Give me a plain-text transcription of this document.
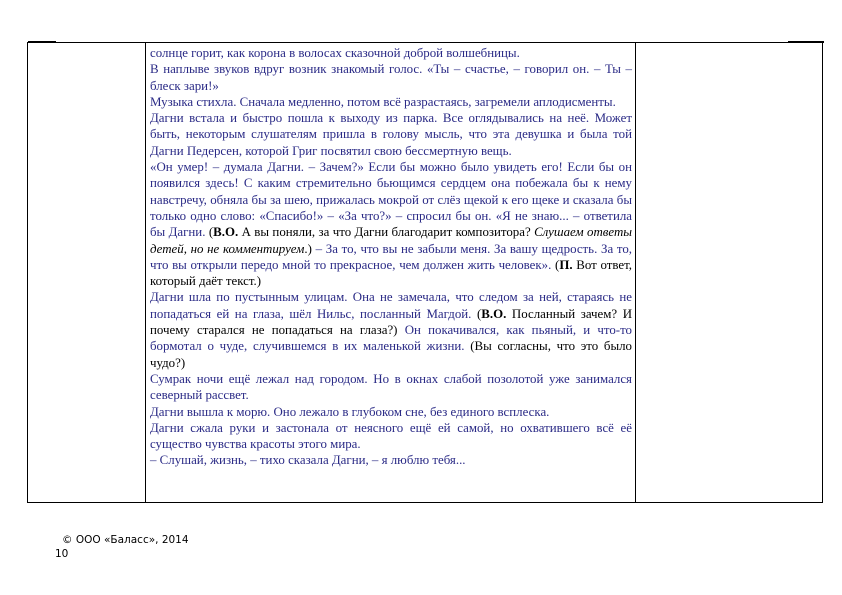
солнце горит, как корона в волосах сказочной доброй волшебницы.

В наплыве звуков вдруг возник знакомый голос. «Ты – счастье, – говорил он. – Ты – блеск зари!»

Музыка стихла. Сначала медленно, потом всё разрастаясь, загремели аплодисменты.

Дагни встала и быстро пошла к выходу из парка. Все оглядывались на неё. Может быть, некоторым слушателям пришла в голову мысль, что эта девушка и была той Дагни Педерсен, которой Григ посвятил свою бессмертную вещь.

«Он умер! – думала Дагни. – Зачем?» Если бы можно было увидеть его! Если бы он появился здесь! С каким стремительно бьющимся сердцем она побежала бы к нему навстречу, обняла бы за шею, прижалась мокрой от слёз щекой к его щеке и сказала бы только одно слово: «Спасибо!» – «За что?» – спросил бы он. «Я не знаю... – ответила бы Дагни. (В.О. А вы поняли, за что Дагни благодарит композитора? Слушаем ответы детей, но не комментируем.) – За то, что вы не забыли меня. За вашу щедрость. За то, что вы открыли передо мной то прекрасное, чем должен жить человек». (П. Вот ответ, который даёт текст.)

Дагни шла по пустынным улицам. Она не замечала, что следом за ней, стараясь не попадаться ей на глаза, шёл Нильс, посланный Магдой. (В.О. Посланный зачем? И почему старался не попадаться на глаза?) Он покачивался, как пьяный, и что-то бормотал о чуде, случившемся в их маленькой жизни. (Вы согласны, что это было чудо?)

Сумрак ночи ещё лежал над городом. Но в окнах слабой позолотой уже занимался северный рассвет.

Дагни вышла к морю. Оно лежало в глубоком сне, без единого всплеска.

Дагни сжала руки и застонала от неясного ещё ей самой, но охватившего всё её существо чувства красоты этого мира.

– Слушай, жизнь, – тихо сказала Дагни, – я люблю тебя...

© ООО «Баласс», 2014
10
